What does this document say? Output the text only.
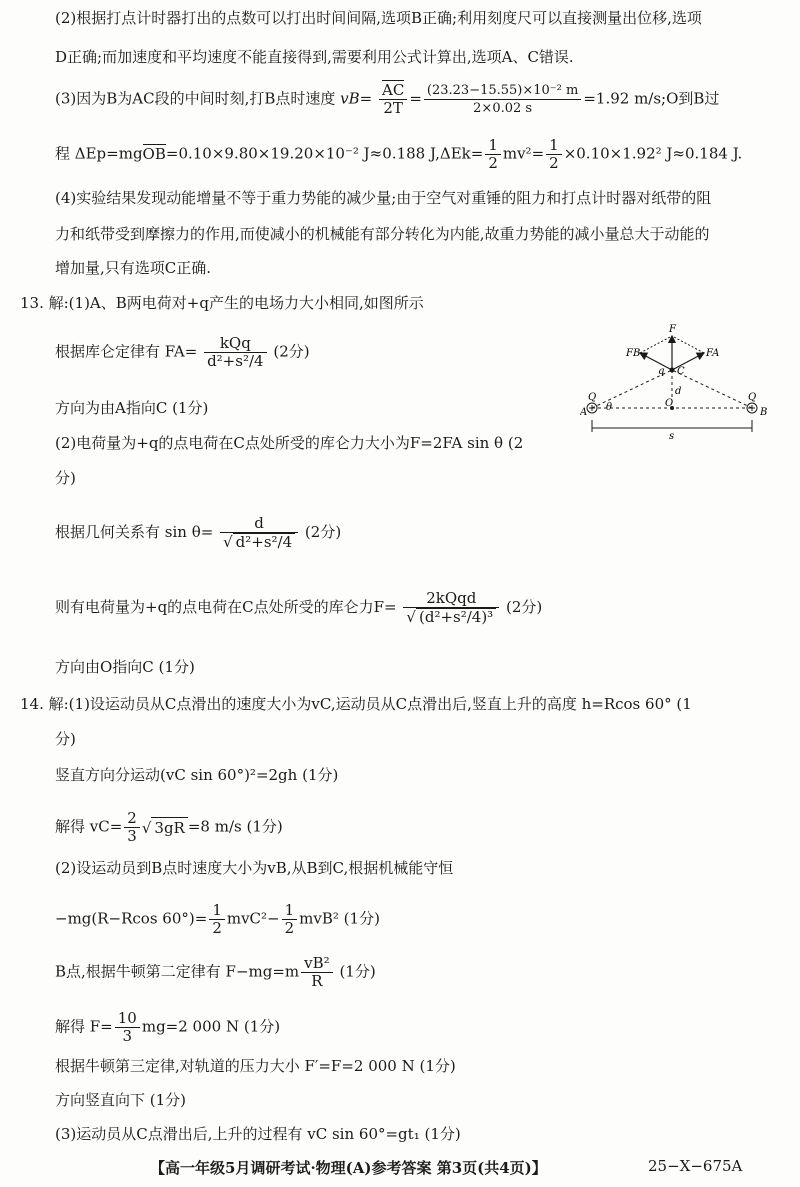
(2)根据打点计时器打出的点数可以打出时间间隔,选项B正确;利用刻度尺可以直接测量出位移,选项
D正确;而加速度和平均速度不能直接得到,需要利用公式计算出,选项A、C错误.
(3)因为B为AC段的中间时刻,打B点时速度 $vB= \frac{AC}{2T} = \frac{\text{(23.23−15.55)×10⁻² m}}{2\times 0.02 s} =1.92$ m/s;O到B过
程 ΔEp=mgOB=0.10×9.80×19.20×10⁻² J≈0.188 $J,\Delta Ek= \frac{1}{2} mv^2= \frac{1}{2} \times 0.10\times 1.92^2$ J≈0.184 J.
(4)实验结果发现动能增量不等于重力势能的减少量;由于空气对重锤的阻力和打点计时器对纸带的阻
力和纸带受到摩擦力的作用,而使减小的机械能有部分转化为内能,故重力势能的减小量总大于动能的
增加量,只有选项C正确.
13. 解:(1)A、B两电荷对+q产生的电场力大小相同,如图所示
根据库仑定律有 $FA= \frac{\text{kQq}}{\text{d²+s²/4}} (2$分)
方向为由A指向C (1分)
(2)电荷量为+q的点电荷在C点处所受的库仑力大小为F=2FA sin θ (2
分)
根据几何关系有 $\sin \theta= \frac{d}{\text{√ d²+s²/4}} (2$分)
则有电荷量为+q的点电荷在C点处所受的库仑力$F= \frac{\text{2kQqd}}{\text{√ (d²+s²/4)³}} (2$分)
方向由O指向C (1分)
F
FB	FA
q C
d
Q	Q
A	B
O
θ
s
14. 解:(1)设运动员从C点滑出的速度大小为vC,运动员从C点滑出后,竖直上升的高度 h=Rcos 60° (1
分)
竖直方向分运动(vC sin 60°)²=2gh (1分)
解得 $vC= \frac{2}{3}$ √ 3gR =8 m/s (1分)
(2)设运动员到B点时速度大小为vB,从B到C,根据机械能守恒
−mg(R−Rcos $60^\circ)= \frac{1}{2} mvC^2- \frac{1}{2} mvB^2$ (1分)
B点,根据牛顿第二定律有 $F-mg=m \frac{\text{vB²}}{R} (1$分)
解得 $F= \frac{10}{3} mg=2$ 000 N (1分)
根据牛顿第三定律,对轨道的压力大小 F′=F=2 000 N (1分)
方向竖直向下 (1分)
(3)运动员从C点滑出后,上升的过程有 vC sin 60°=gt₁ (1分)
【高一年级5月调研考试·物理(A)参考答案 第3页(共4页)】	25−X−675A
